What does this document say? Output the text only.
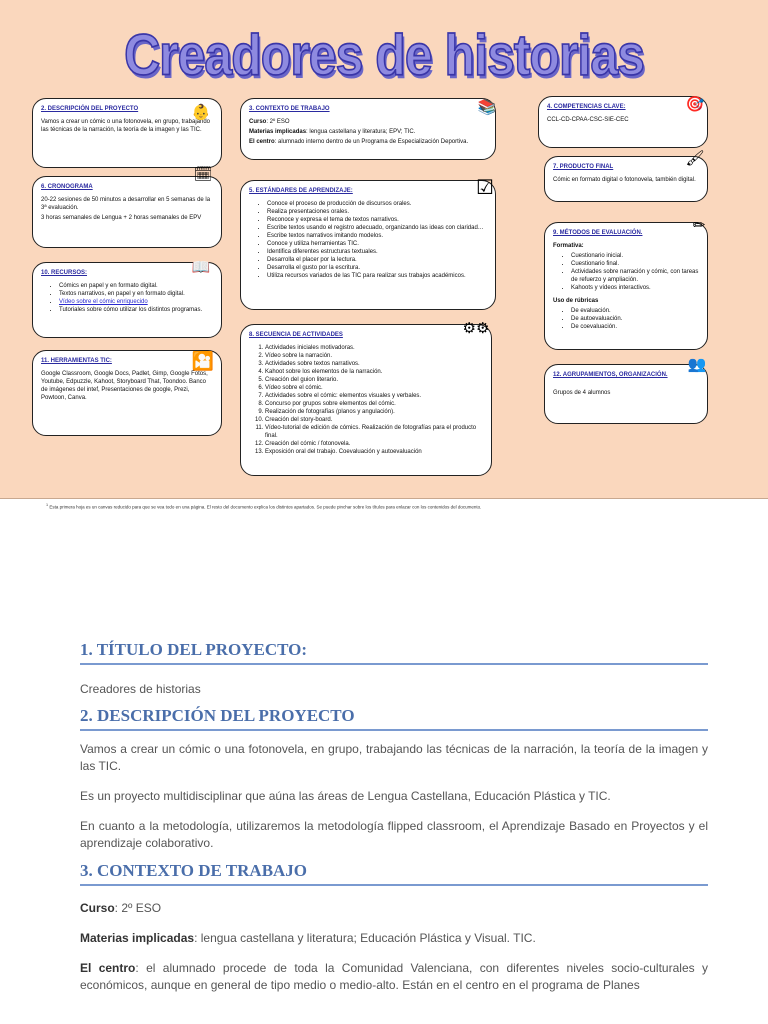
Creadores de historias
2. DESCRIPCIÓN DEL PROYECTO

Vamos a crear un cómic o una fotonovela, en grupo, trabajando las técnicas de la narración, la teoría de la imagen y las TIC.

👶	3. CONTEXTO DE TRABAJO

Curso: 2º ESO

Materias implicadas: lengua castellana y literatura; EPV; TIC.

El centro: alumnado interno dentro de un Programa de Especialización Deportiva.

📚	4. COMPETENCIAS CLAVE:

CCL-CD-CPAA-CSC-SIE-CEC

🎯
6. CRONOGRAMA

20-22 sesiones de 50 minutos a desarrollar en 5 semanas de la 3ª evaluación.

3 horas semanales de Lengua + 2 horas semanales de EPV

🗓
5. ESTÁNDARES DE APRENDIZAJE:
• Conoce el proceso de producción de discursos orales.
• Realiza presentaciones orales.
• Reconoce y expresa el tema de textos narrativos.
• Escribe textos usando el registro adecuado, organizando las ideas con claridad…
• Escribe textos narrativos imitando modelos.
• Conoce y utiliza herramientas TIC.
• Identifica diferentes estructuras textuales.
• Desarrolla el placer por la lectura.
• Desarrolla el gusto por la escritura.
• Utiliza recursos variados de las TIC para realizar sus trabajos académicos.
☑
7. PRODUCTO FINAL

Cómic en formato digital o fotonovela, también digital.

🖌
10. RECURSOS:
• Cómics en papel y en formato digital.
• Textos narrativos, en papel y en formato digital.
• Vídeo sobre el cómic enriquecido
• Tutoriales sobre cómo utilizar los distintos programas.
📖
9. MÉTODOS DE EVALUACIÓN.

Formativa:

• Cuestionario inicial.
• Cuestionario final.
• Actividades sobre narración y cómic, con tareas de refuerzo y ampliación.
• Kahoots y vídeos interactivos.

Uso de rúbricas

• De evaluación.
• De autoevaluación.
• De coevaluación.
✏
8. SECUENCIA DE ACTIVIDADES
1. Actividades iniciales motivadoras.
2. Vídeo sobre la narración.
3. Actividades sobre textos narrativos.
4. Kahoot sobre los elementos de la narración.
5. Creación del guion literario.
6. Vídeo sobre el cómic.
7. Actividades sobre el cómic: elementos visuales y verbales.
8. Concurso por grupos sobre elementos del cómic.
9. Realización de fotografías (planos y angulación).
10. Creación del story-board.
11. Vídeo-tutorial de edición de cómics. Realización de fotografías para el producto final.
12. Creación del cómic / fotonovela.
13. Exposición oral del trabajo. Coevaluación y autoevaluación
⚙⚙
11. HERRAMIENTAS TIC:

Google Classroom, Google Docs, Padlet, Gimp, Google Fotos, Youtube, Edpuzzle, Kahoot, Storyboard That, Toondoo. Banco de imágenes del intef, Presentaciones de google, Prezi, Powtoon, Canva.

🎦
12. AGRUPAMIENTOS, ORGANIZACIÓN.

Grupos de 4 alumnos

👥
$^1$ Esta primera hoja es un canvas reducido para que se vea todo en una página. El resto del documento explica los distintos apartados. Se puede pinchar sobre los títulos para enlazar con los contenidos del documento.
1. TÍTULO DEL PROYECTO:

Creadores de historias

2. DESCRIPCIÓN DEL PROYECTO

Vamos a crear un cómic o una fotonovela, en grupo, trabajando las técnicas de la narración, la teoría de la imagen y las TIC.

Es un proyecto multidisciplinar que aúna las áreas de Lengua Castellana, Educación Plástica y TIC.

En cuanto a la metodología, utilizaremos la metodología flipped classroom, el Aprendizaje Basado en Proyectos y el aprendizaje colaborativo.

3. CONTEXTO DE TRABAJO

Curso: 2º ESO

Materias implicadas: lengua castellana y literatura; Educación Plástica y Visual. TIC.

El centro: el alumnado procede de toda la Comunidad Valenciana, con diferentes niveles socio-culturales y económicos, aunque en general de tipo medio o medio-alto. Están en el centro en el programa de Planes
